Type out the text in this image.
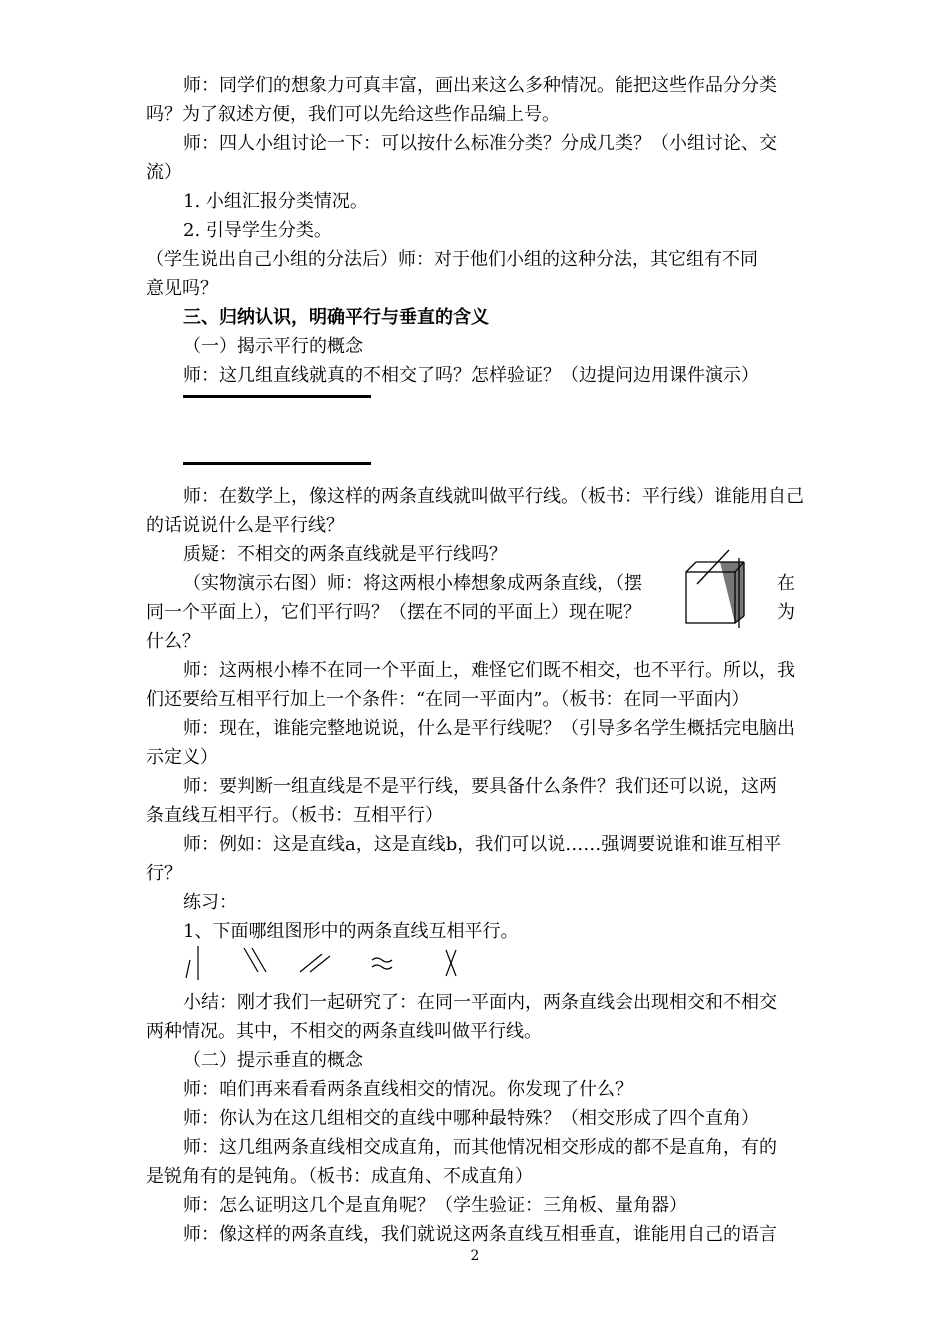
师：同学们的想象力可真丰富，画出来这么多种情况。能把这些作品分分类
吗？为了叙述方便，我们可以先给这些作品编上号。
师：四人小组讨论一下：可以按什么标准分类？分成几类？（小组讨论、交
流）
1. 小组汇报分类情况。
2. 引导学生分类。
（学生说出自己小组的分法后）师：对于他们小组的这种分法，其它组有不同
意见吗？
三、归纳认识，明确平行与垂直的含义
（一）揭示平行的概念
师：这几组直线就真的不相交了吗？怎样验证？（边提问边用课件演示）
师：在数学上，像这样的两条直线就叫做平行线。（板书：平行线）谁能用自己
的话说说什么是平行线？
质疑：不相交的两条直线就是平行线吗？
（实物演示右图）师：将这两根小棒想象成两条直线，（摆	在
同一个平面上），它们平行吗？（摆在不同的平面上）现在呢？	为
什么？
师：这两根小棒不在同一个平面上，难怪它们既不相交，也不平行。所以，我
们还要给互相平行加上一个条件：“在同一平面内”。（板书：在同一平面内）
师：现在，谁能完整地说说，什么是平行线呢？（引导多名学生概括完电脑出
示定义）
师：要判断一组直线是不是平行线，要具备什么条件？我们还可以说，这两
条直线互相平行。（板书：互相平行）
师：例如：这是直线a，这是直线b，我们可以说……强调要说谁和谁互相平
行？
练习：
1、下面哪组图形中的两条直线互相平行。
小结：刚才我们一起研究了：在同一平面内，两条直线会出现相交和不相交
两种情况。其中，不相交的两条直线叫做平行线。
（二）提示垂直的概念
师：咱们再来看看两条直线相交的情况。你发现了什么？
师：你认为在这几组相交的直线中哪种最特殊？（相交形成了四个直角）
师：这几组两条直线相交成直角，而其他情况相交形成的都不是直角，有的
是锐角有的是钝角。（板书：成直角、不成直角）
师：怎么证明这几个是直角呢？（学生验证：三角板、量角器）
师：像这样的两条直线，我们就说这两条直线互相垂直，谁能用自己的语言
2
